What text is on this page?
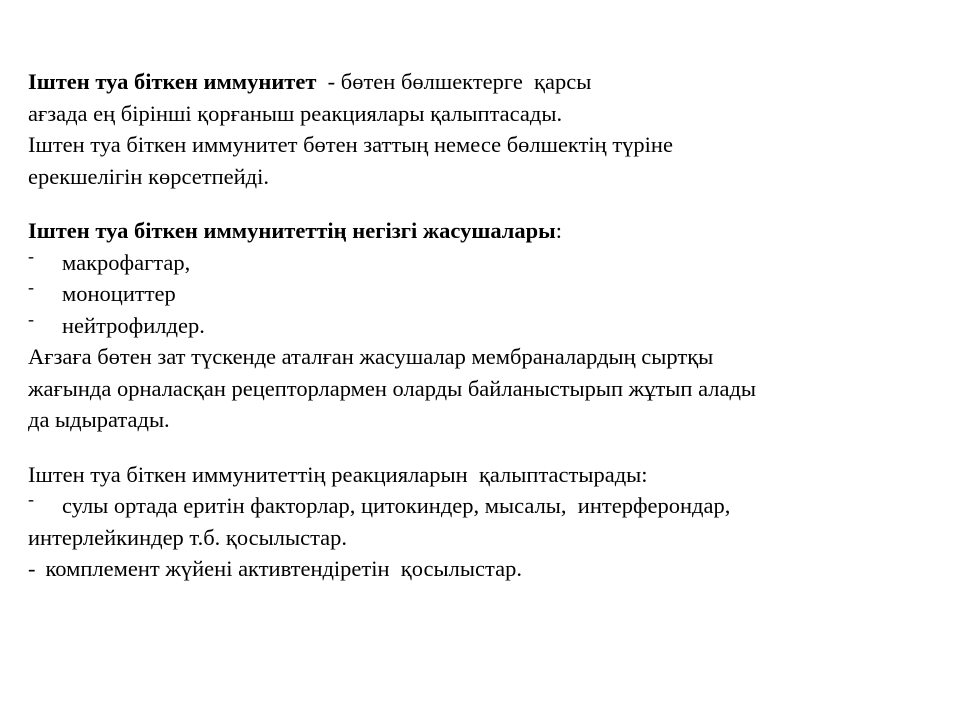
Іштен туа біткен иммунитет  - бөтен бөлшектерге  қарсы
ағзада ең бірінші қорғаныш реакциялары қалыптасады.
Іштен туа біткен иммунитет бөтен заттың немесе бөлшектің түріне
ерекшелігін көрсетпейді.
Іштен туа біткен иммунитеттің негізгі жасушалары:
- макрофагтар,
- моноциттер
- нейтрофилдер.
Ағзаға бөтен зат түскенде аталған жасушалар мембраналардың сыртқы
жағында орналасқан рецепторлармен оларды байланыстырып жұтып алады
да ыдыратады.
Іштен туа біткен иммунитеттің реакцияларын  қалыптастырады:
- сулы ортада еритін факторлар, цитокиндер, мысалы,  интерферондар,
интерлейкиндер т.б. қосылыстар.
- комплемент жүйені активтендіретін  қосылыстар.
